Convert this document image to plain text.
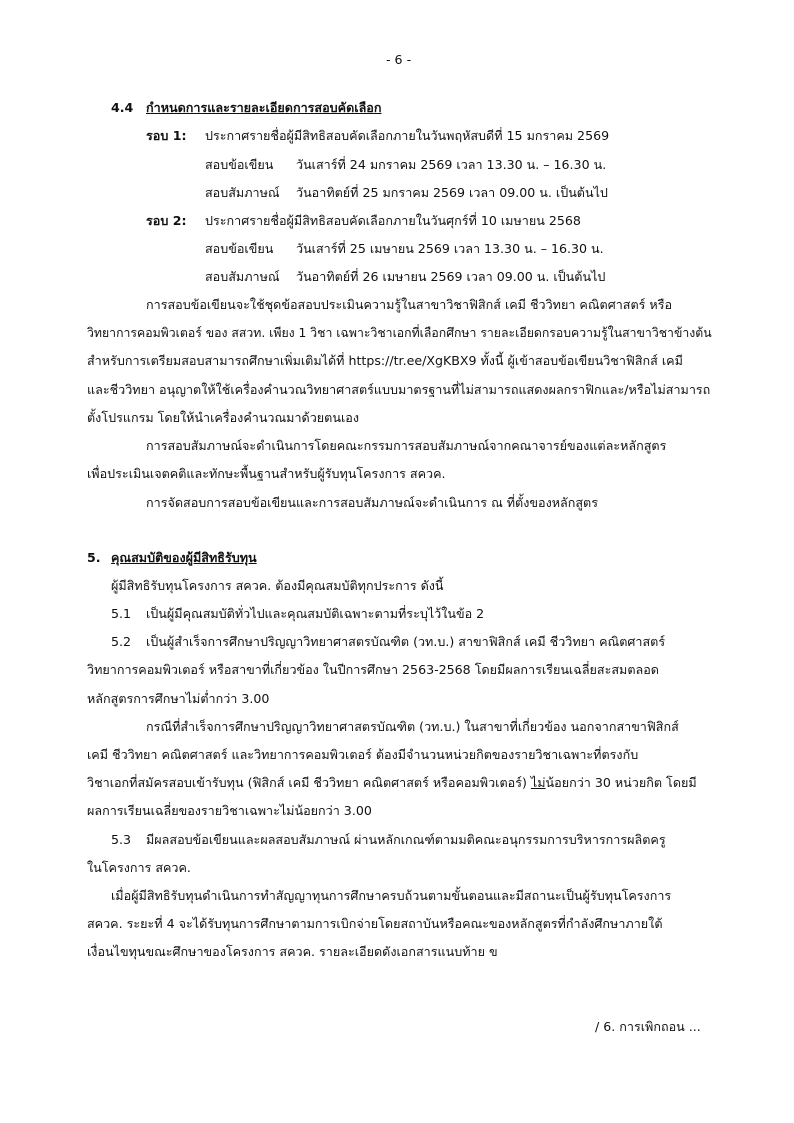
- 6 -
4.4 กำหนดการและรายละเอียดการสอบคัดเลือก
รอบ 1: ประกาศรายชื่อผู้มีสิทธิสอบคัดเลือกภายในวันพฤหัสบดีที่ 15 มกราคม 2569
สอบข้อเขียน วันเสาร์ที่ 24 มกราคม 2569 เวลา 13.30 น. – 16.30 น.
สอบสัมภาษณ์ วันอาทิตย์ที่ 25 มกราคม 2569 เวลา 09.00 น. เป็นต้นไป
รอบ 2: ประกาศรายชื่อผู้มีสิทธิสอบคัดเลือกภายในวันศุกร์ที่ 10 เมษายน 2568
สอบข้อเขียน วันเสาร์ที่ 25 เมษายน 2569 เวลา 13.30 น. – 16.30 น.
สอบสัมภาษณ์ วันอาทิตย์ที่ 26 เมษายน 2569 เวลา 09.00 น. เป็นต้นไป
การสอบข้อเขียนจะใช้ชุดข้อสอบประเมินความรู้ในสาขาวิชาฟิสิกส์ เคมี ชีววิทยา คณิตศาสตร์ หรือ
วิทยาการคอมพิวเตอร์ ของ สสวท. เพียง 1 วิชา เฉพาะวิชาเอกที่เลือกศึกษา รายละเอียดกรอบความรู้ในสาขาวิชาข้างต้น
สำหรับการเตรียมสอบสามารถศึกษาเพิ่มเติมได้ที่ https://tr.ee/XgKBX9 ทั้งนี้ ผู้เข้าสอบข้อเขียนวิชาฟิสิกส์ เคมี
และชีววิทยา อนุญาตให้ใช้เครื่องคำนวณวิทยาศาสตร์แบบมาตรฐานที่ไม่สามารถแสดงผลกราฟิกและ/หรือไม่สามารถ
ตั้งโปรแกรม โดยให้นำเครื่องคำนวณมาด้วยตนเอง
การสอบสัมภาษณ์จะดำเนินการโดยคณะกรรมการสอบสัมภาษณ์จากคณาจารย์ของแต่ละหลักสูตร
เพื่อประเมินเจตคติและทักษะพื้นฐานสำหรับผู้รับทุนโครงการ สควค.
การจัดสอบการสอบข้อเขียนและการสอบสัมภาษณ์จะดำเนินการ ณ ที่ตั้งของหลักสูตร
5. คุณสมบัติของผู้มีสิทธิรับทุน
ผู้มีสิทธิรับทุนโครงการ สควค. ต้องมีคุณสมบัติทุกประการ ดังนี้
5.1 เป็นผู้มีคุณสมบัติทั่วไปและคุณสมบัติเฉพาะตามที่ระบุไว้ในข้อ 2
5.2 เป็นผู้สำเร็จการศึกษาปริญญาวิทยาศาสตรบัณฑิต (วท.บ.) สาขาฟิสิกส์ เคมี ชีววิทยา คณิตศาสตร์
วิทยาการคอมพิวเตอร์ หรือสาขาที่เกี่ยวข้อง ในปีการศึกษา 2563-2568 โดยมีผลการเรียนเฉลี่ยสะสมตลอด
หลักสูตรการศึกษาไม่ต่ำกว่า 3.00
กรณีที่สำเร็จการศึกษาปริญญาวิทยาศาสตรบัณฑิต (วท.บ.) ในสาขาที่เกี่ยวข้อง นอกจากสาขาฟิสิกส์
เคมี ชีววิทยา คณิตศาสตร์ และวิทยาการคอมพิวเตอร์ ต้องมีจำนวนหน่วยกิตของรายวิชาเฉพาะที่ตรงกับ
วิชาเอกที่สมัครสอบเข้ารับทุน (ฟิสิกส์ เคมี ชีววิทยา คณิตศาสตร์ หรือคอมพิวเตอร์) ไม่น้อยกว่า 30 หน่วยกิต โดยมี
ผลการเรียนเฉลี่ยของรายวิชาเฉพาะไม่น้อยกว่า 3.00
5.3 มีผลสอบข้อเขียนและผลสอบสัมภาษณ์ ผ่านหลักเกณฑ์ตามมติคณะอนุกรรมการบริหารการผลิตครู
ในโครงการ สควค.
เมื่อผู้มีสิทธิรับทุนดำเนินการทำสัญญาทุนการศึกษาครบถ้วนตามขั้นตอนและมีสถานะเป็นผู้รับทุนโครงการ
สควค. ระยะที่ 4 จะได้รับทุนการศึกษาตามการเบิกจ่ายโดยสถาบันหรือคณะของหลักสูตรที่กำลังศึกษาภายใต้
เงื่อนไขทุนขณะศึกษาของโครงการ สควค. รายละเอียดดังเอกสารแนบท้าย ข
/ 6. การเพิกถอน ...
